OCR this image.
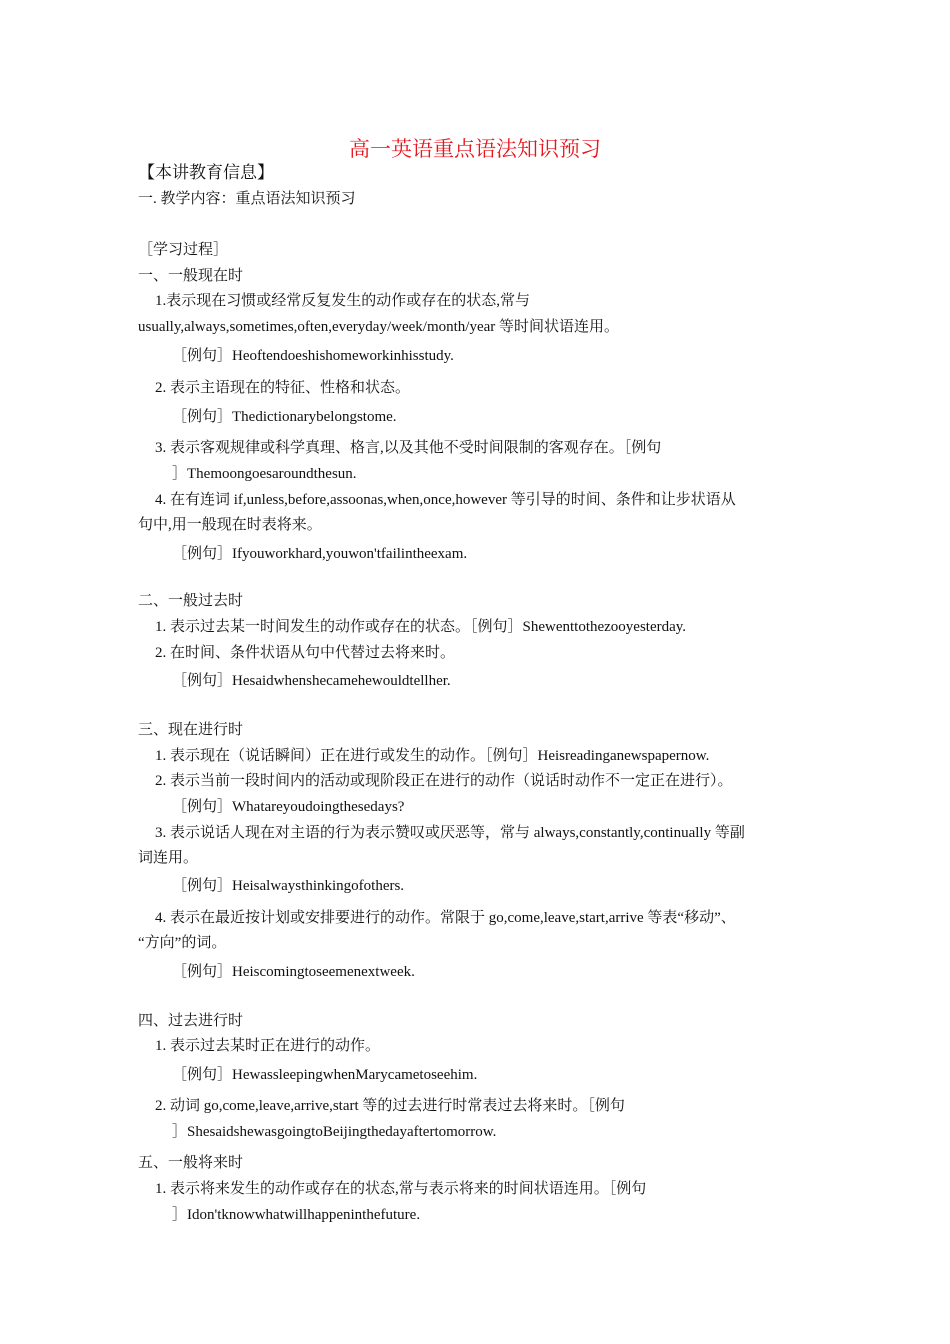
高一英语重点语法知识预习
【本讲教育信息】
一. 教学内容：重点语法知识预习
［学习过程］
一、一般现在时
1.表示现在习惯或经常反复发生的动作或存在的状态,常与
usually,always,sometimes,often,everyday/week/month/year 等时间状语连用。
［例句］Heoftendoeshishomeworkinhisstudy.
2. 表示主语现在的特征、性格和状态。
［例句］Thedictionarybelongstome.
3. 表示客观规律或科学真理、格言,以及其他不受时间限制的客观存在。［例句
］Themoongoesaroundthesun.
4. 在有连词 if,unless,before,assoonas,when,once,however 等引导的时间、条件和让步状语从
句中,用一般现在时表将来。
［例句］Ifyouworkhard,youwon'tfailintheexam.
二、一般过去时
1. 表示过去某一时间发生的动作或存在的状态。［例句］Shewenttothezooyesterday.
2. 在时间、条件状语从句中代替过去将来时。
［例句］Hesaidwhenshecamehewouldtellher.
三、现在进行时
1. 表示现在（说话瞬间）正在进行或发生的动作。［例句］Heisreadinganewspapernow.
2. 表示当前一段时间内的活动或现阶段正在进行的动作（说话时动作不一定正在进行）。
［例句］Whatareyoudoingthesedays?
3. 表示说话人现在对主语的行为表示赞叹或厌恶等，常与 always,constantly,continually 等副
词连用。
［例句］Heisalwaysthinkingofothers.
4. 表示在最近按计划或安排要进行的动作。常限于 go,come,leave,start,arrive 等表“移动”、
“方向”的词。
［例句］Heiscomingtoseemenextweek.
四、过去进行时
1. 表示过去某时正在进行的动作。
［例句］HewassleepingwhenMarycametoseehim.
2. 动词 go,come,leave,arrive,start 等的过去进行时常表过去将来时。［例句
］ShesaidshewasgoingtoBeijingthedayaftertomorrow.
五、一般将来时
1. 表示将来发生的动作或存在的状态,常与表示将来的时间状语连用。［例句
］Idon'tknowwhatwillhappeninthefuture.
